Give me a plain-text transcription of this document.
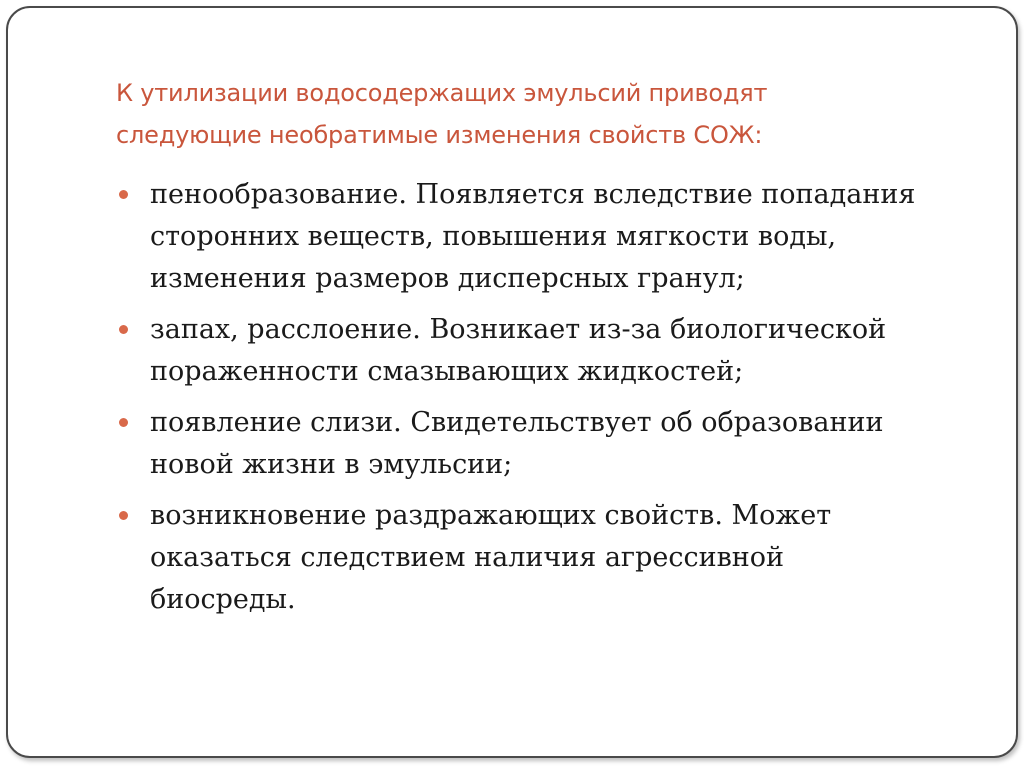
К утилизации водосодержащих эмульсий приводят следующие необратимые изменения свойств СОЖ:
пенообразование. Появляется вследствие попадания сторонних веществ, повышения мягкости воды, изменения размеров дисперсных гранул;
запах, расслоение. Возникает из-за биологической пораженности смазывающих жидкостей;
появление слизи. Свидетельствует об образовании новой жизни в эмульсии;
возникновение раздражающих свойств. Может оказаться следствием наличия агрессивной биосреды.
